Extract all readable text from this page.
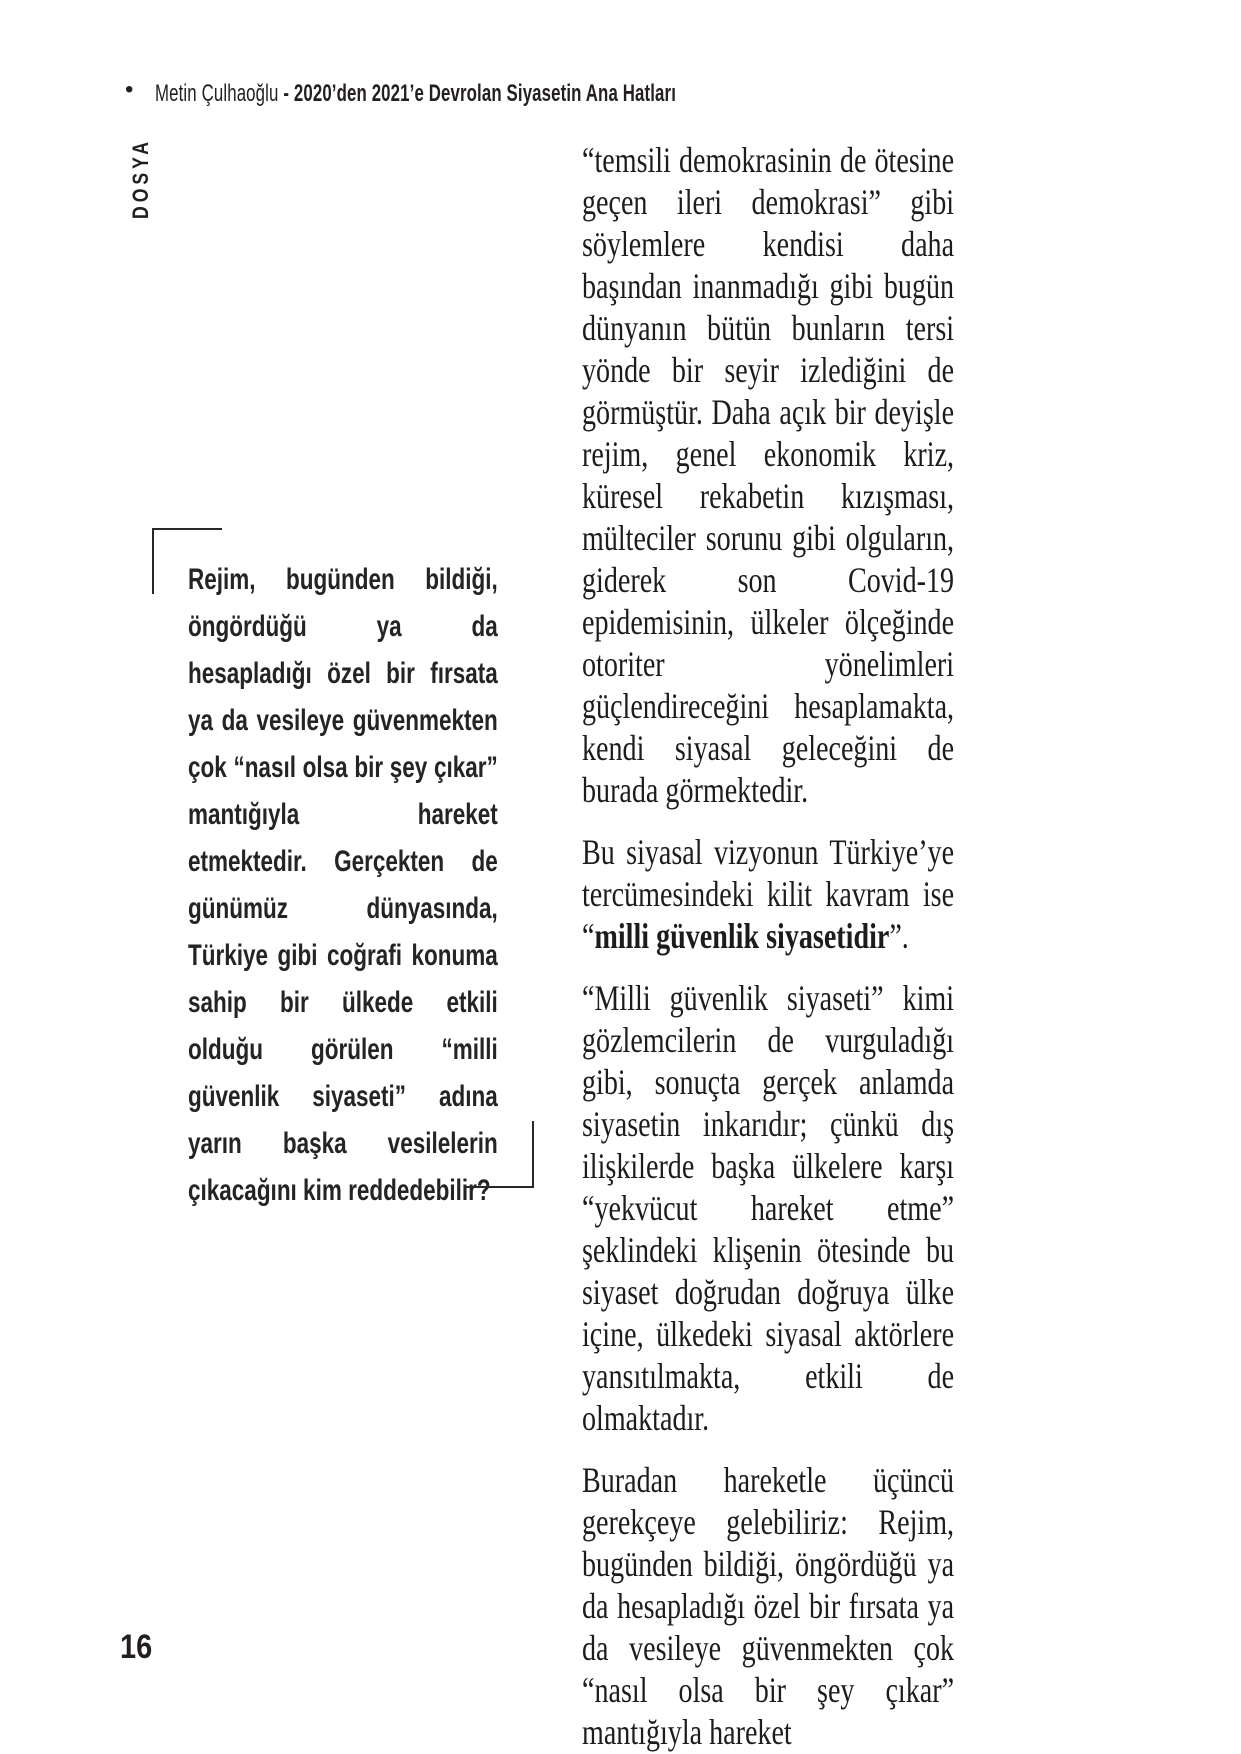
• Metin Çulhaoğlu - 2020’den 2021’e Devrolan Siyasetin Ana Hatları
DOSYA
Rejim, bugünden bildiği, öngördüğü ya da hesapladığı özel bir fırsata ya da vesileye güvenmekten çok “nasıl olsa bir şey çıkar” mantığıyla hareket etmektedir. Gerçekten de günümüz dünyasında, Türkiye gibi coğrafi konuma sahip bir ülkede etkili olduğu görülen “milli güvenlik siyaseti” adına yarın başka vesilelerin çıkacağını kim reddedebilir?

“temsili demokrasinin de ötesine geçen ileri demokrasi” gibi söylemlere kendisi daha başından inanmadığı gibi bugün dünyanın bütün bunların tersi yönde bir seyir izlediğini de görmüştür. Daha açık bir deyişle rejim, genel ekonomik kriz, küresel rekabetin kızışması, mülteciler sorunu gibi olguların, giderek son Covid-19 epidemisinin, ülkeler ölçeğinde otoriter yönelimleri güçlendireceğini hesaplamakta, kendi siyasal geleceğini de burada görmektedir.

Bu siyasal vizyonun Türkiye’ye tercümesindeki kilit kavram ise “milli güvenlik siyasetidir”.

“Milli güvenlik siyaseti” kimi gözlemcilerin de vurguladığı gibi, sonuçta gerçek anlamda siyasetin inkarıdır; çünkü dış ilişkilerde başka ülkelere karşı “yekvücut hareket etme” şeklindeki klişenin ötesinde bu siyaset doğrudan doğruya ülke içine, ülkedeki siyasal aktörlere yansıtılmakta, etkili de olmaktadır.

Buradan hareketle üçüncü gerekçeye gelebiliriz: Rejim, bugünden bildiği, öngördüğü ya da hesapladığı özel bir fırsata ya da vesileye güvenmekten çok “nasıl olsa bir şey çıkar” mantığıyla hareket

16
